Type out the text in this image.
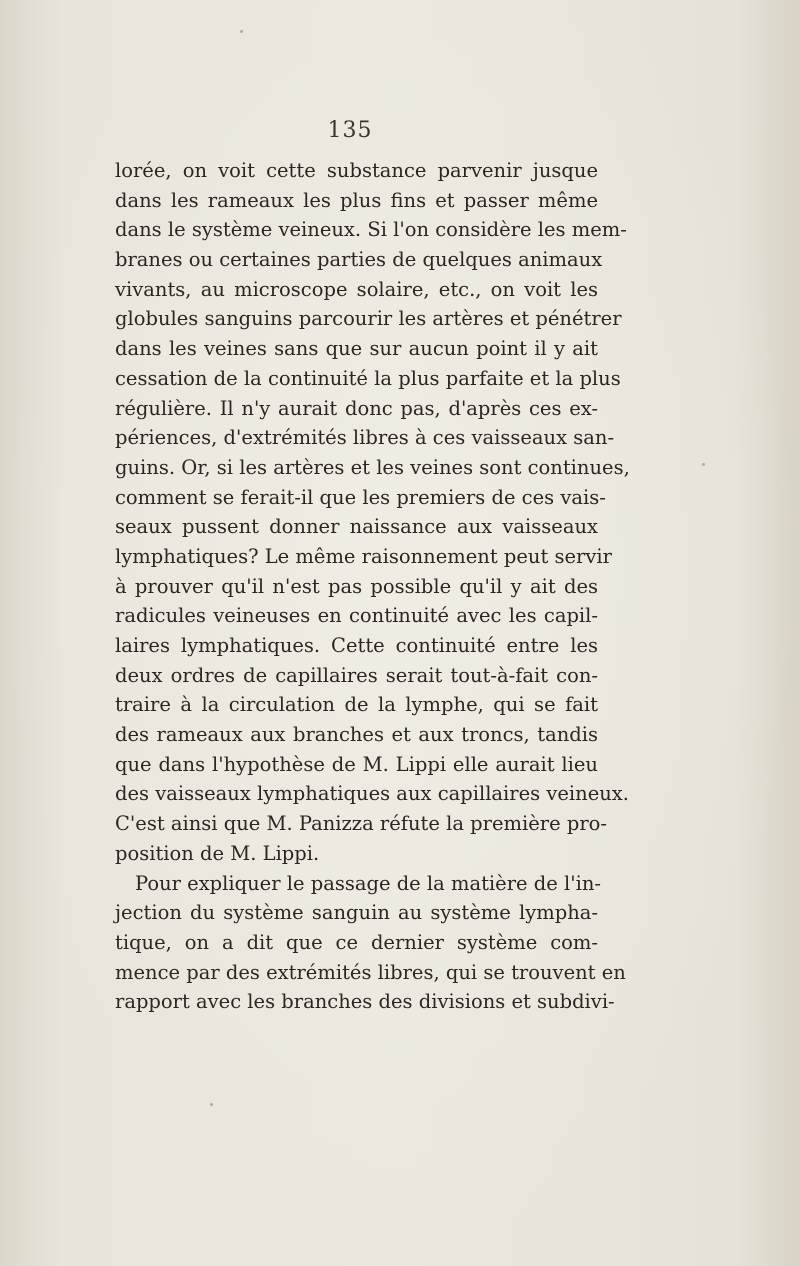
135
lorée, on voit cette substance parvenir jusque
dans les rameaux les plus fins et passer même
dans le système veineux. Si l'on considère les mem-
branes ou certaines parties de quelques animaux
vivants, au microscope solaire, etc., on voit les
globules sanguins parcourir les artères et pénétrer
dans les veines sans que sur aucun point il y ait
cessation de la continuité la plus parfaite et la plus
régulière. Il n'y aurait donc pas, d'après ces ex-
périences, d'extrémités libres à ces vaisseaux san-
guins. Or, si les artères et les veines sont continues,
comment se ferait-il que les premiers de ces vais-
seaux pussent donner naissance aux vaisseaux
lymphatiques? Le même raisonnement peut servir
à prouver qu'il n'est pas possible qu'il y ait des
radicules veineuses en continuité avec les capil-
laires lymphatiques. Cette continuité entre les
deux ordres de capillaires serait tout-à-fait con-
traire à la circulation de la lymphe, qui se fait
des rameaux aux branches et aux troncs, tandis
que dans l'hypothèse de M. Lippi elle aurait lieu
des vaisseaux lymphatiques aux capillaires veineux.
C'est ainsi que M. Panizza réfute la première pro-
position de M. Lippi.
Pour expliquer le passage de la matière de l'in-
jection du système sanguin au système lympha-
tique, on a dit que ce dernier système com-
mence par des extrémités libres, qui se trouvent en
rapport avec les branches des divisions et subdivi-
